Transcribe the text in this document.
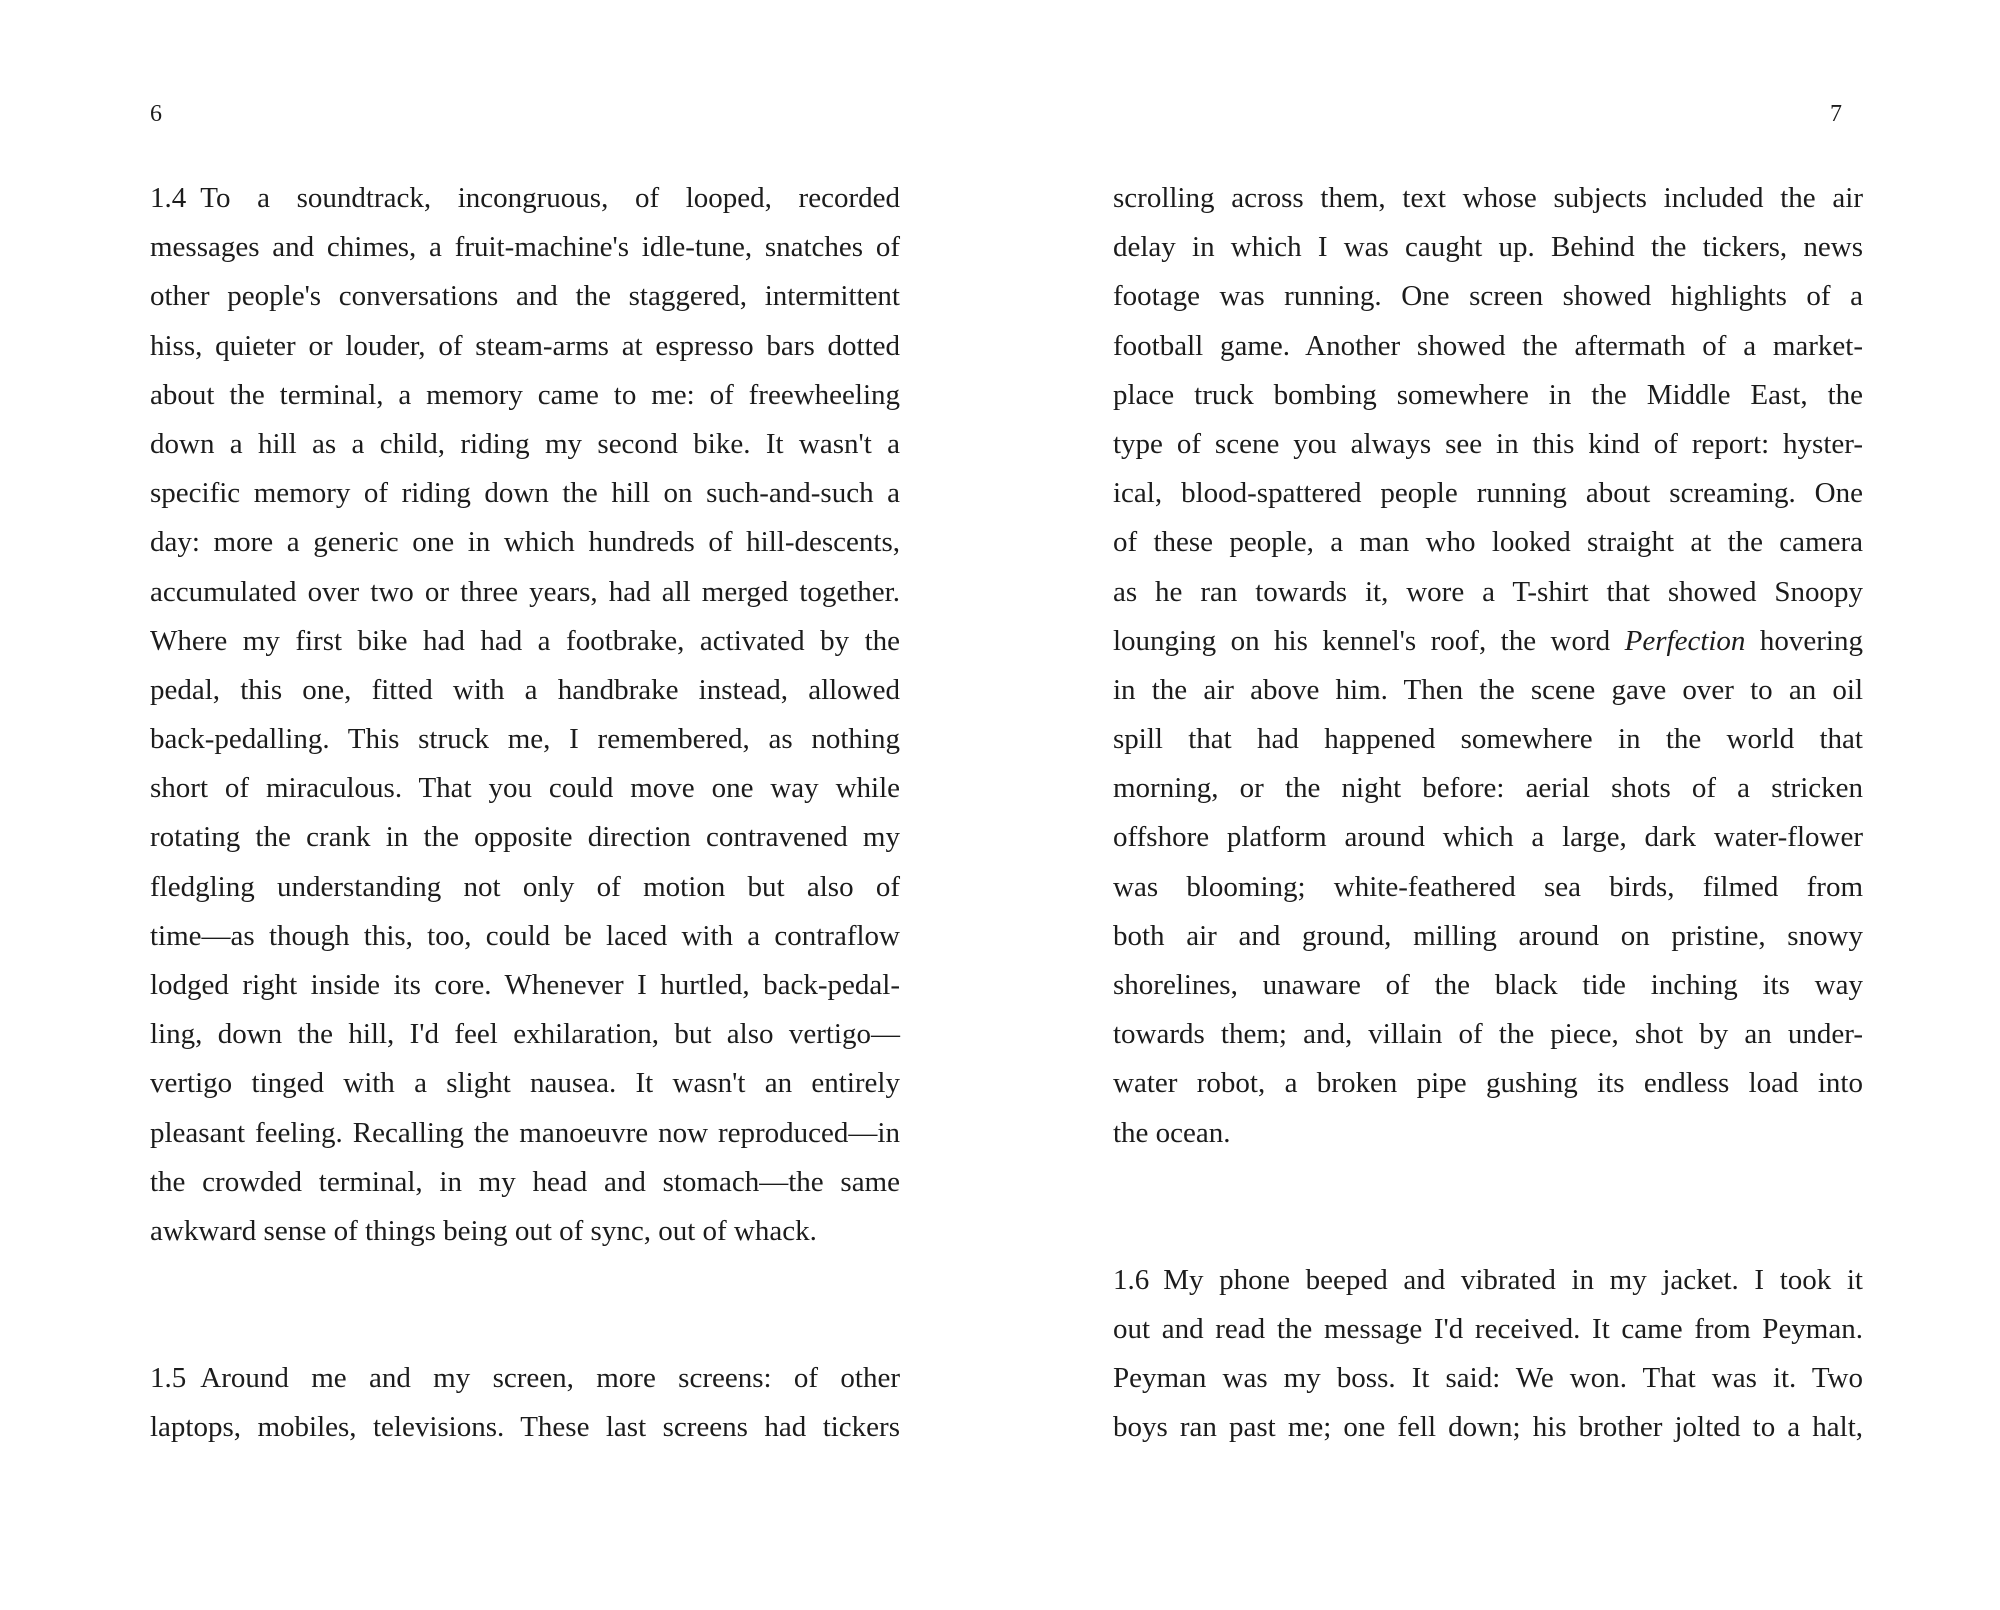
6	7
1.4 To a soundtrack, incongruous, of looped, recorded
messages and chimes, a fruit-machine's idle-tune, snatches of
other people's conversations and the staggered, intermittent
hiss, quieter or louder, of steam-arms at espresso bars dotted
about the terminal, a memory came to me: of freewheeling
down a hill as a child, riding my second bike. It wasn't a
specific memory of riding down the hill on such-and-such a
day: more a generic one in which hundreds of hill-descents,
accumulated over two or three years, had all merged together.
Where my first bike had had a footbrake, activated by the
pedal, this one, fitted with a handbrake instead, allowed
back-pedalling. This struck me, I remembered, as nothing
short of miraculous. That you could move one way while
rotating the crank in the opposite direction contravened my
fledgling understanding not only of motion but also of
time—as though this, too, could be laced with a contraflow
lodged right inside its core. Whenever I hurtled, back-pedal-
ling, down the hill, I'd feel exhilaration, but also vertigo—
vertigo tinged with a slight nausea. It wasn't an entirely
pleasant feeling. Recalling the manoeuvre now reproduced—in
the crowded terminal, in my head and stomach—the same
awkward sense of things being out of sync, out of whack.
1.5 Around me and my screen, more screens: of other
laptops, mobiles, televisions. These last screens had tickers
scrolling across them, text whose subjects included the air
delay in which I was caught up. Behind the tickers, news
footage was running. One screen showed highlights of a
football game. Another showed the aftermath of a market-
place truck bombing somewhere in the Middle East, the
type of scene you always see in this kind of report: hyster-
ical, blood-spattered people running about screaming. One
of these people, a man who looked straight at the camera
as he ran towards it, wore a T-shirt that showed Snoopy
lounging on his kennel's roof, the word Perfection hovering
in the air above him. Then the scene gave over to an oil
spill that had happened somewhere in the world that
morning, or the night before: aerial shots of a stricken
offshore platform around which a large, dark water-flower
was blooming; white-feathered sea birds, filmed from
both air and ground, milling around on pristine, snowy
shorelines, unaware of the black tide inching its way
towards them; and, villain of the piece, shot by an under-
water robot, a broken pipe gushing its endless load into
the ocean.
1.6 My phone beeped and vibrated in my jacket. I took it
out and read the message I'd received. It came from Peyman.
Peyman was my boss. It said: We won. That was it. Two
boys ran past me; one fell down; his brother jolted to a halt,
